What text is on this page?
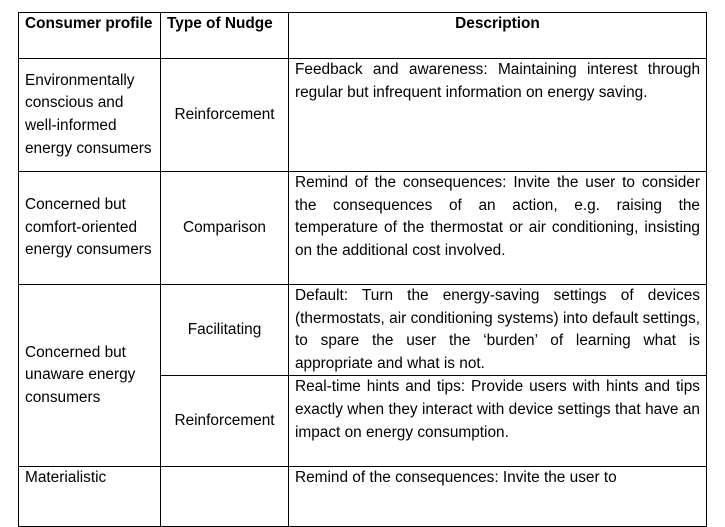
Consumer profile	Type of Nudge	Description
Environmentally conscious and well-informed energy consumers	Reinforcement	Feedback and awareness: Maintaining interest through regular but infrequent information on energy saving.
Concerned but comfort-oriented energy consumers	Comparison	Remind of the consequences: Invite the user to consider the consequences of an action, e.g. raising the temperature of the thermostat or air conditioning, insisting on the additional cost involved.
Concerned but unaware energy consumers	Facilitating	Default: Turn the energy-saving settings of devices (thermostats, air conditioning systems) into default settings, to spare the user the ‘burden’ of learning what is appropriate and what is not.
	Reinforcement	Real-time hints and tips: Provide users with hints and tips exactly when they interact with device settings that have an impact on energy consumption.
Materialistic		Remind of the consequences: Invite the user to
